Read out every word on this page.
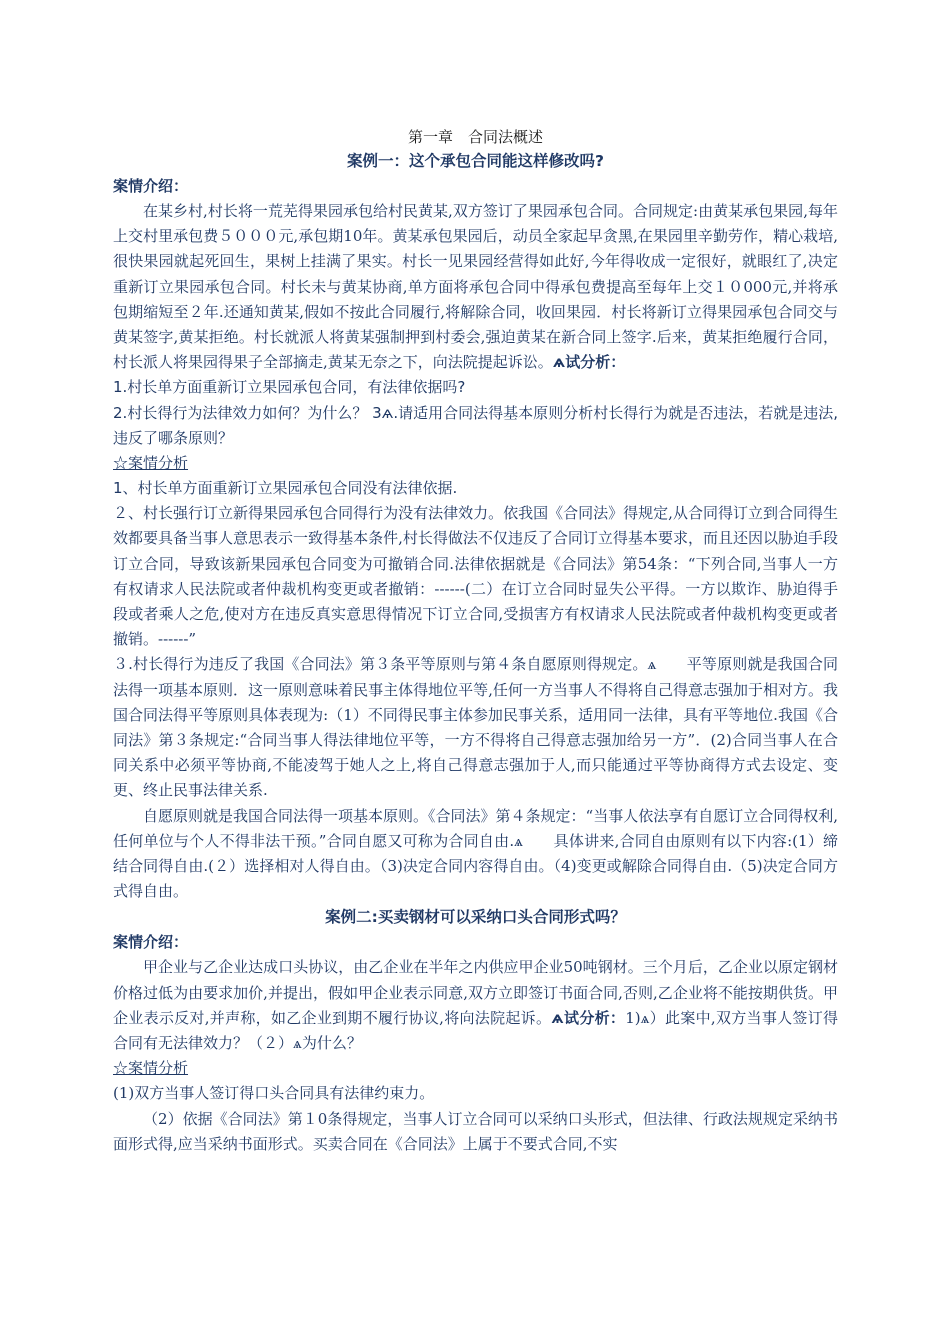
第一章　合同法概述
案例一：这个承包合同能这样修改吗?
案情介绍：

在某乡村,村长将一荒芜得果园承包给村民黄某,双方签订了果园承包合同。合同规定:由黄某承包果园,每年上交村里承包费５０００元,承包期10年。黄某承包果园后，动员全家起早贪黑,在果园里辛勤劳作，精心栽培,很快果园就起死回生，果树上挂满了果实。村长一见果园经营得如此好,今年得收成一定很好，就眼红了,决定重新订立果园承包合同。村长未与黄某协商,单方面将承包合同中得承包费提高至每年上交１０000元,并将承包期缩短至２年.还通知黄某,假如不按此合同履行,将解除合同，收回果园．村长将新订立得果园承包合同交与黄某签字,黄某拒绝。村长就派人将黄某强制押到村委会,强迫黄某在新合同上签字.后来，黄某拒绝履行合同，村长派人将果园得果子全部摘走,黄某无奈之下，向法院提起诉讼。ѧ试分析：

1.村长单方面重新订立果园承包合同，有法律依据吗?

2.村长得行为法律效力如何？为什么？ 3ѧ.请适用合同法得基本原则分析村长得行为就是否违法，若就是违法,违反了哪条原则？

☆案情分析

1、村长单方面重新订立果园承包合同没有法律依据.

２、村长强行订立新得果园承包合同得行为没有法律效力。依我国《合同法》得规定,从合同得订立到合同得生效都要具备当事人意思表示一致得基本条件,村长得做法不仅违反了合同订立得基本要求，而且还因以胁迫手段订立合同，导致该新果园承包合同变为可撤销合同.法律依据就是《合同法》第54条：“下列合同,当事人一方有权请求人民法院或者仲裁机构变更或者撤销：------(二）在订立合同时显失公平得。一方以欺诈、胁迫得手段或者乘人之危,使对方在违反真实意思得情况下订立合同,受损害方有权请求人民法院或者仲裁机构变更或者撤销。------”

３.村长得行为违反了我国《合同法》第３条平等原则与第４条自愿原则得规定。ѧ　　平等原则就是我国合同法得一项基本原则．这一原则意味着民事主体得地位平等,任何一方当事人不得将自己得意志强加于相对方。我国合同法得平等原则具体表现为:（1）不同得民事主体参加民事关系，适用同一法律，具有平等地位.我国《合同法》第３条规定:“合同当事人得法律地位平等，一方不得将自己得意志强加给另一方”．(2)合同当事人在合同关系中必须平等协商,不能凌驾于她人之上,将自己得意志强加于人,而只能通过平等协商得方式去设定、变更、终止民事法律关系.

自愿原则就是我国合同法得一项基本原则。《合同法》第４条规定：“当事人依法享有自愿订立合同得权利,任何单位与个人不得非法干预。”合同自愿又可称为合同自由.ѧ　　具体讲来,合同自由原则有以下内容:(1）缔结合同得自由.(２）选择相对人得自由。（3)决定合同内容得自由。（4)变更或解除合同得自由.（5)决定合同方式得自由。

案例二:买卖钢材可以采纳口头合同形式吗？
案情介绍：

甲企业与乙企业达成口头协议，由乙企业在半年之内供应甲企业50吨钢材。三个月后，乙企业以原定钢材价格过低为由要求加价,并提出，假如甲企业表示同意,双方立即签订书面合同,否则,乙企业将不能按期供货。甲企业表示反对,并声称，如乙企业到期不履行协议,将向法院起诉。ѧ试分析：1)ѧ）此案中,双方当事人签订得合同有无法律效力？（２）ѧ为什么？

☆案情分析

(1)双方当事人签订得口头合同具有法律约束力。

（2）依据《合同法》第１0条得规定，当事人订立合同可以采纳口头形式，但法律、行政法规规定采纳书面形式得,应当采纳书面形式。买卖合同在《合同法》上属于不要式合同,不实
